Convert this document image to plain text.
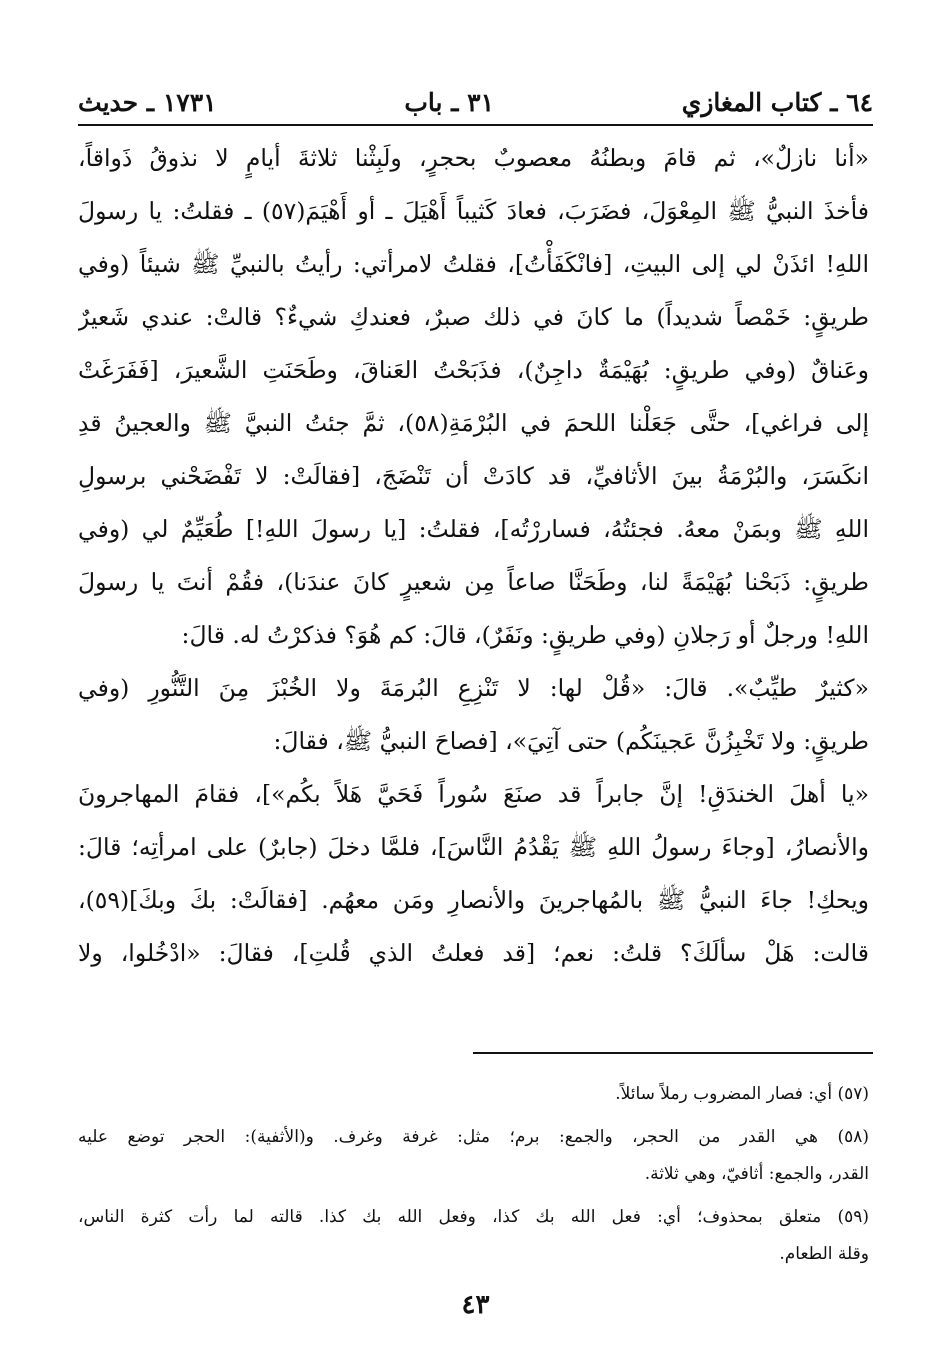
٦٤ ـ كتاب المغازي
٣١ ـ باب
١٧٣١ ـ حديث
«أنا نازلٌ»، ثم قامَ وبطنُهُ معصوبٌ بحجرٍ، ولَبِثْنا ثلاثةَ أيامٍ لا نذوقُ ذَواقاً،
فأخذَ النبيُّ ﷺ المِعْوَلَ، فضَرَبَ، فعادَ كَثيباً أَهْيَلَ ـ أو أَهْيَمَ(٥٧) ـ فقلتُ: يا رسولَ
اللهِ! ائذَنْ لي إلى البيتِ، [فانْكَفَأْتُ]، فقلتُ لامرأتي: رأيتُ بالنبيِّ ﷺ شيئاً (وفي
طريقٍ: خَمْصاً شديداً) ما كانَ في ذلك صبرٌ، فعندكِ شيءٌ؟ قالتْ: عندي شَعيرٌ
وعَناقٌ (وفي طريقٍ: بُهَيْمَةٌ داجِنٌ)، فذَبَحْتُ العَناقَ، وطَحَنَتِ الشَّعيرَ، [فَفَرَغَتْ
إلى فراغي]، حتَّى جَعَلْنا اللحمَ في البُرْمَةِ(٥٨)، ثمَّ جئتُ النبيَّ ﷺ والعجينُ قدِ
انكَسَرَ، والبُرْمَةُ بينَ الأثافيِّ، قد كادَتْ أن تَنْضَجَ، [فقالَتْ: لا تَفْضَحْني برسولِ
اللهِ ﷺ وبمَنْ معهُ. فجئتُهُ، فساررْتُه]، فقلتُ: [يا رسولَ اللهِ!] طُعَيِّمٌ لي (وفي
طريقٍ: ذَبَحْنا بُهَيْمَةً لنا، وطَحَنَّا صاعاً مِن شعيرٍ كانَ عندَنا)، فقُمْ أنتَ يا رسولَ
اللهِ! ورجلٌ أو رَجلانِ (وفي طريقٍ: ونَفَرٌ)، قالَ: كم هُوَ؟ فذكرْتُ له. قالَ:
«كثيرٌ طيِّبٌ». قالَ: «قُلْ لها: لا تَنْزِعِ البُرمَةَ ولا الخُبْزَ مِنَ التَّنُّورِ (وفي
طريقٍ: ولا تَخْبِزُنَّ عَجينَكُم) حتى آتِيَ»، [فصاحَ النبيُّ ﷺ، فقالَ:
«يا أهلَ الخندَقِ! إنَّ جابراً قد صنَعَ سُوراً فَحَيَّ هَلاً بكُم»]، فقامَ المهاجرونَ
والأنصارُ، [وجاءَ رسولُ اللهِ ﷺ يَقْدُمُ النَّاسَ]، فلمَّا دخلَ (جابرٌ) على امرأتِه؛ قالَ:
ويحكِ! جاءَ النبيُّ ﷺ بالمُهاجرينَ والأنصارِ ومَن معهُم. [فقالَتْ: بكَ وبكَ](٥٩)،
قالت: هَلْ سألَكَ؟ قلتُ: نعم؛ [قد فعلتُ الذي قُلتِ]، فقالَ: «ادْخُلوا، ولا
(٥٧) أي: فصار المضروب رملاً سائلاً.
(٥٨) هي القدر من الحجر، والجمع: برم؛ مثل: غرفة وغرف. و(الأثفية): الحجر توضع عليه
القدر، والجمع: أثافيّ، وهي ثلاثة.
(٥٩) متعلق بمحذوف؛ أي: فعل الله بك كذا، وفعل الله بك كذا. قالته لما رأت كثرة الناس،
وقلة الطعام.
٤٣
